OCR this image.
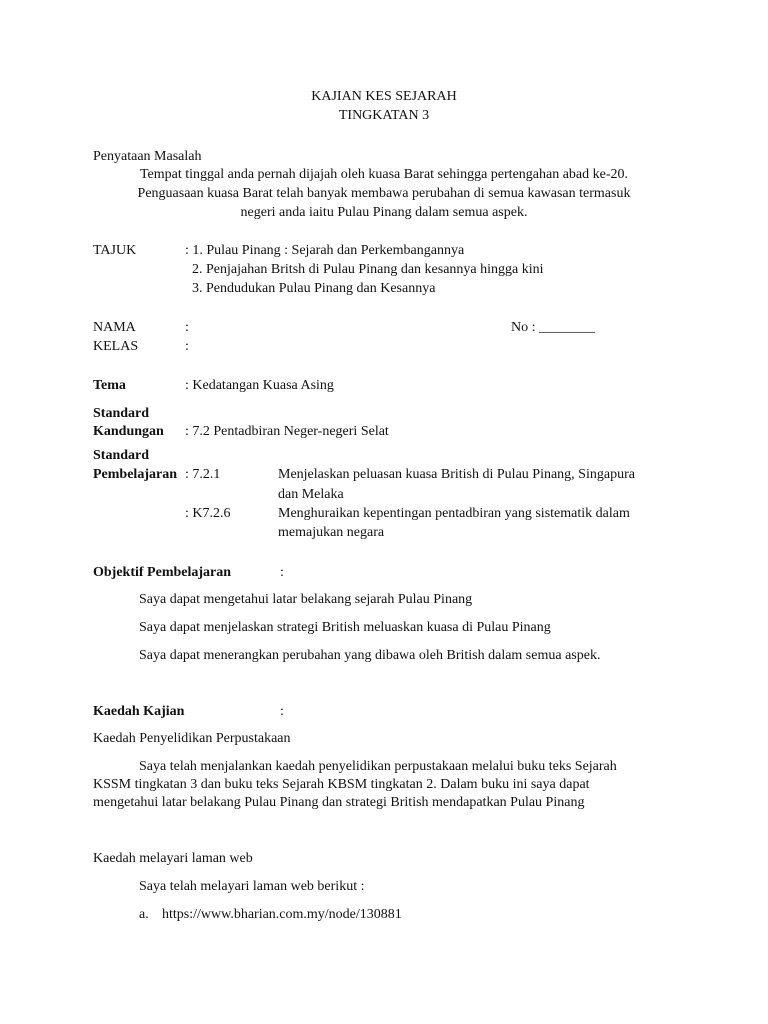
KAJIAN KES SEJARAH
TINGKATAN 3
Penyataan Masalah
Tempat tinggal anda pernah dijajah oleh kuasa Barat sehingga pertengahan abad ke-20.
Penguasaan kuasa Barat telah banyak membawa perubahan di semua kawasan termasuk
negeri anda iaitu Pulau Pinang dalam semua aspek.
TAJUK	: 1. Pulau Pinang : Sejarah dan Perkembangannya
2. Penjajahan Britsh di Pulau Pinang dan kesannya hingga kini
3. Pendudukan Pulau Pinang dan Kesannya
NAMA	:	No : ________
KELAS	:
Tema	: Kedatangan Kuasa Asing
Standard
Kandungan : 7.2 Pentadbiran Neger-negeri Selat
Standard
Pembelajaran : 7.2.1	Menjelaskan peluasan kuasa British di Pulau Pinang, Singapura
dan Melaka
: K7.2.6	Menghuraikan kepentingan pentadbiran yang sistematik dalam
memajukan negara
Objektif Pembelajaran	:
Saya dapat mengetahui latar belakang sejarah Pulau Pinang
Saya dapat menjelaskan strategi British meluaskan kuasa di Pulau Pinang
Saya dapat menerangkan perubahan yang dibawa oleh British dalam semua aspek.
Kaedah Kajian	:
Kaedah Penyelidikan Perpustakaan
Saya telah menjalankan kaedah penyelidikan perpustakaan melalui buku teks Sejarah
KSSM tingkatan 3 dan buku teks Sejarah KBSM tingkatan 2. Dalam buku ini saya dapat
mengetahui latar belakang Pulau Pinang dan strategi British mendapatkan Pulau Pinang
Kaedah melayari laman web
Saya telah melayari laman web berikut :
a. https://www.bharian.com.my/node/130881
